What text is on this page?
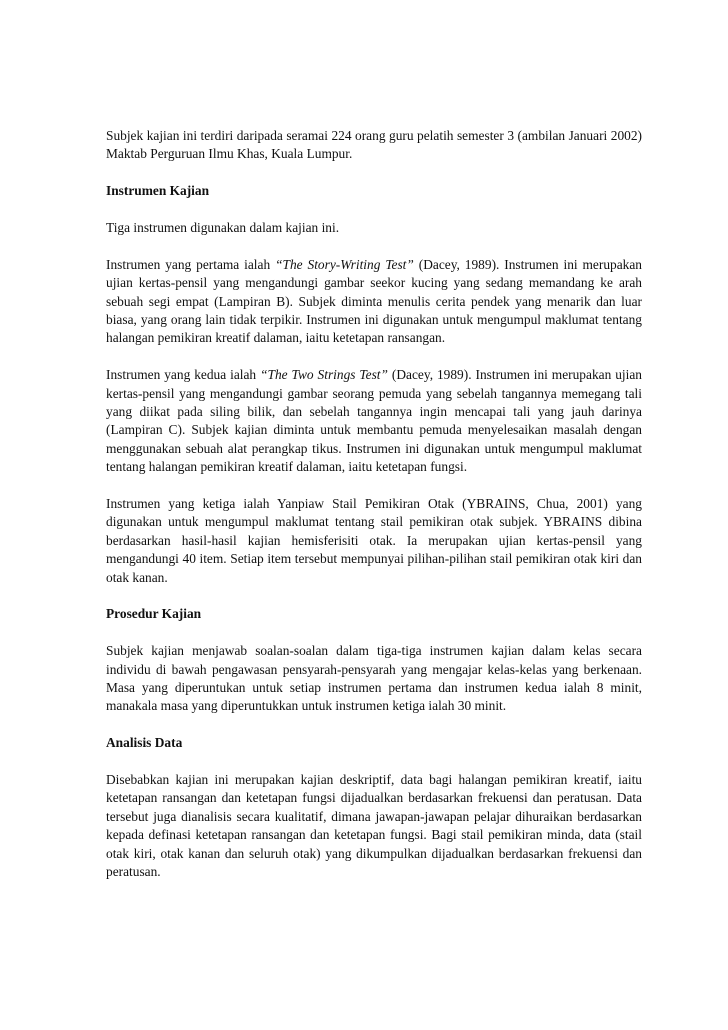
Subjek kajian ini terdiri daripada seramai 224 orang guru pelatih semester 3 (ambilan Januari 2002) Maktab Perguruan Ilmu Khas, Kuala Lumpur.

Instrumen Kajian

Tiga instrumen digunakan dalam kajian ini.

Instrumen yang pertama ialah “The Story-Writing Test” (Dacey, 1989). Instrumen ini merupakan ujian kertas-pensil yang mengandungi gambar seekor kucing yang sedang memandang ke arah sebuah segi empat (Lampiran B). Subjek diminta menulis cerita pendek yang menarik dan luar biasa, yang orang lain tidak terpikir. Instrumen ini digunakan untuk mengumpul maklumat tentang halangan pemikiran kreatif dalaman, iaitu ketetapan ransangan.

Instrumen yang kedua ialah “The Two Strings Test” (Dacey, 1989). Instrumen ini merupakan ujian kertas-pensil yang mengandungi gambar seorang pemuda yang sebelah tangannya memegang tali yang diikat pada siling bilik, dan sebelah tangannya ingin mencapai tali yang jauh darinya (Lampiran C). Subjek kajian diminta untuk membantu pemuda menyelesaikan masalah dengan menggunakan sebuah alat perangkap tikus. Instrumen ini digunakan untuk mengumpul maklumat tentang halangan pemikiran kreatif dalaman, iaitu ketetapan fungsi.

Instrumen yang ketiga ialah Yanpiaw Stail Pemikiran Otak (YBRAINS, Chua, 2001) yang digunakan untuk mengumpul maklumat tentang stail pemikiran otak subjek. YBRAINS dibina berdasarkan hasil-hasil kajian hemisferisiti otak. Ia merupakan ujian kertas-pensil yang mengandungi 40 item. Setiap item tersebut mempunyai pilihan-pilihan stail pemikiran otak kiri dan otak kanan.

Prosedur Kajian

Subjek kajian menjawab soalan-soalan dalam tiga-tiga instrumen kajian dalam kelas secara individu di bawah pengawasan pensyarah-pensyarah yang mengajar kelas-kelas yang berkenaan. Masa yang diperuntukan untuk setiap instrumen pertama dan instrumen kedua ialah 8 minit, manakala masa yang diperuntukkan untuk instrumen ketiga ialah 30 minit.

Analisis Data

Disebabkan kajian ini merupakan kajian deskriptif, data bagi halangan pemikiran kreatif, iaitu ketetapan ransangan dan ketetapan fungsi dijadualkan berdasarkan frekuensi dan peratusan. Data tersebut juga dianalisis secara kualitatif, dimana jawapan-jawapan pelajar dihuraikan berdasarkan kepada definasi ketetapan ransangan dan ketetapan fungsi. Bagi stail pemikiran minda, data (stail otak kiri, otak kanan dan seluruh otak) yang dikumpulkan dijadualkan berdasarkan frekuensi dan peratusan.
